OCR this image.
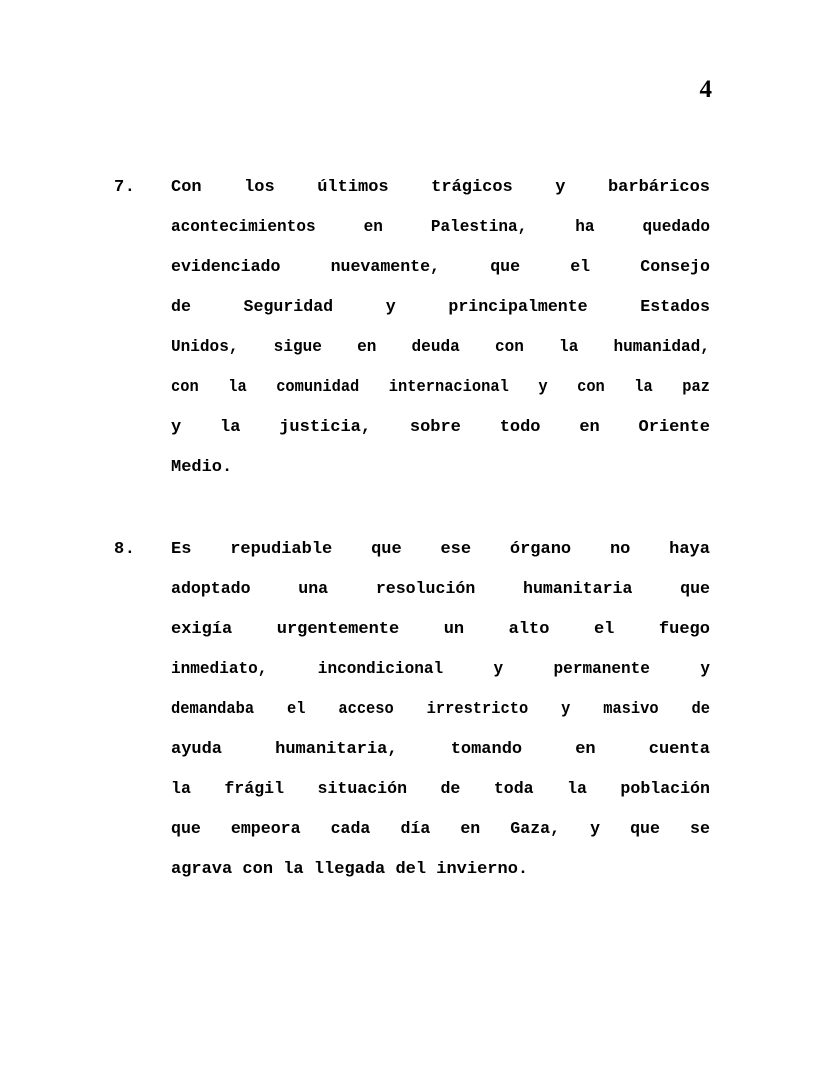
4
7.	Con	los	últimos	trágicos	y	barbáricos
acontecimientos	en	Palestina,	ha	quedado
evidenciado	nuevamente,	que	el	Consejo
de	Seguridad	y	principalmente	Estados
Unidos, sigue en deuda con la humanidad,
con la comunidad internacional y con la paz
y la justicia, sobre todo en Oriente
Medio.
8.	Es repudiable que ese órgano no haya
adoptado	una	resolución	humanitaria	que
exigía	urgentemente	un	alto	el	fuego
inmediato,	incondicional	y	permanente	y
demandaba el acceso irrestricto y masivo de
ayuda	humanitaria,	tomando	en	cuenta
la frágil situación de toda la población
que empeora cada día en Gaza, y que se
agrava con la llegada del invierno.
